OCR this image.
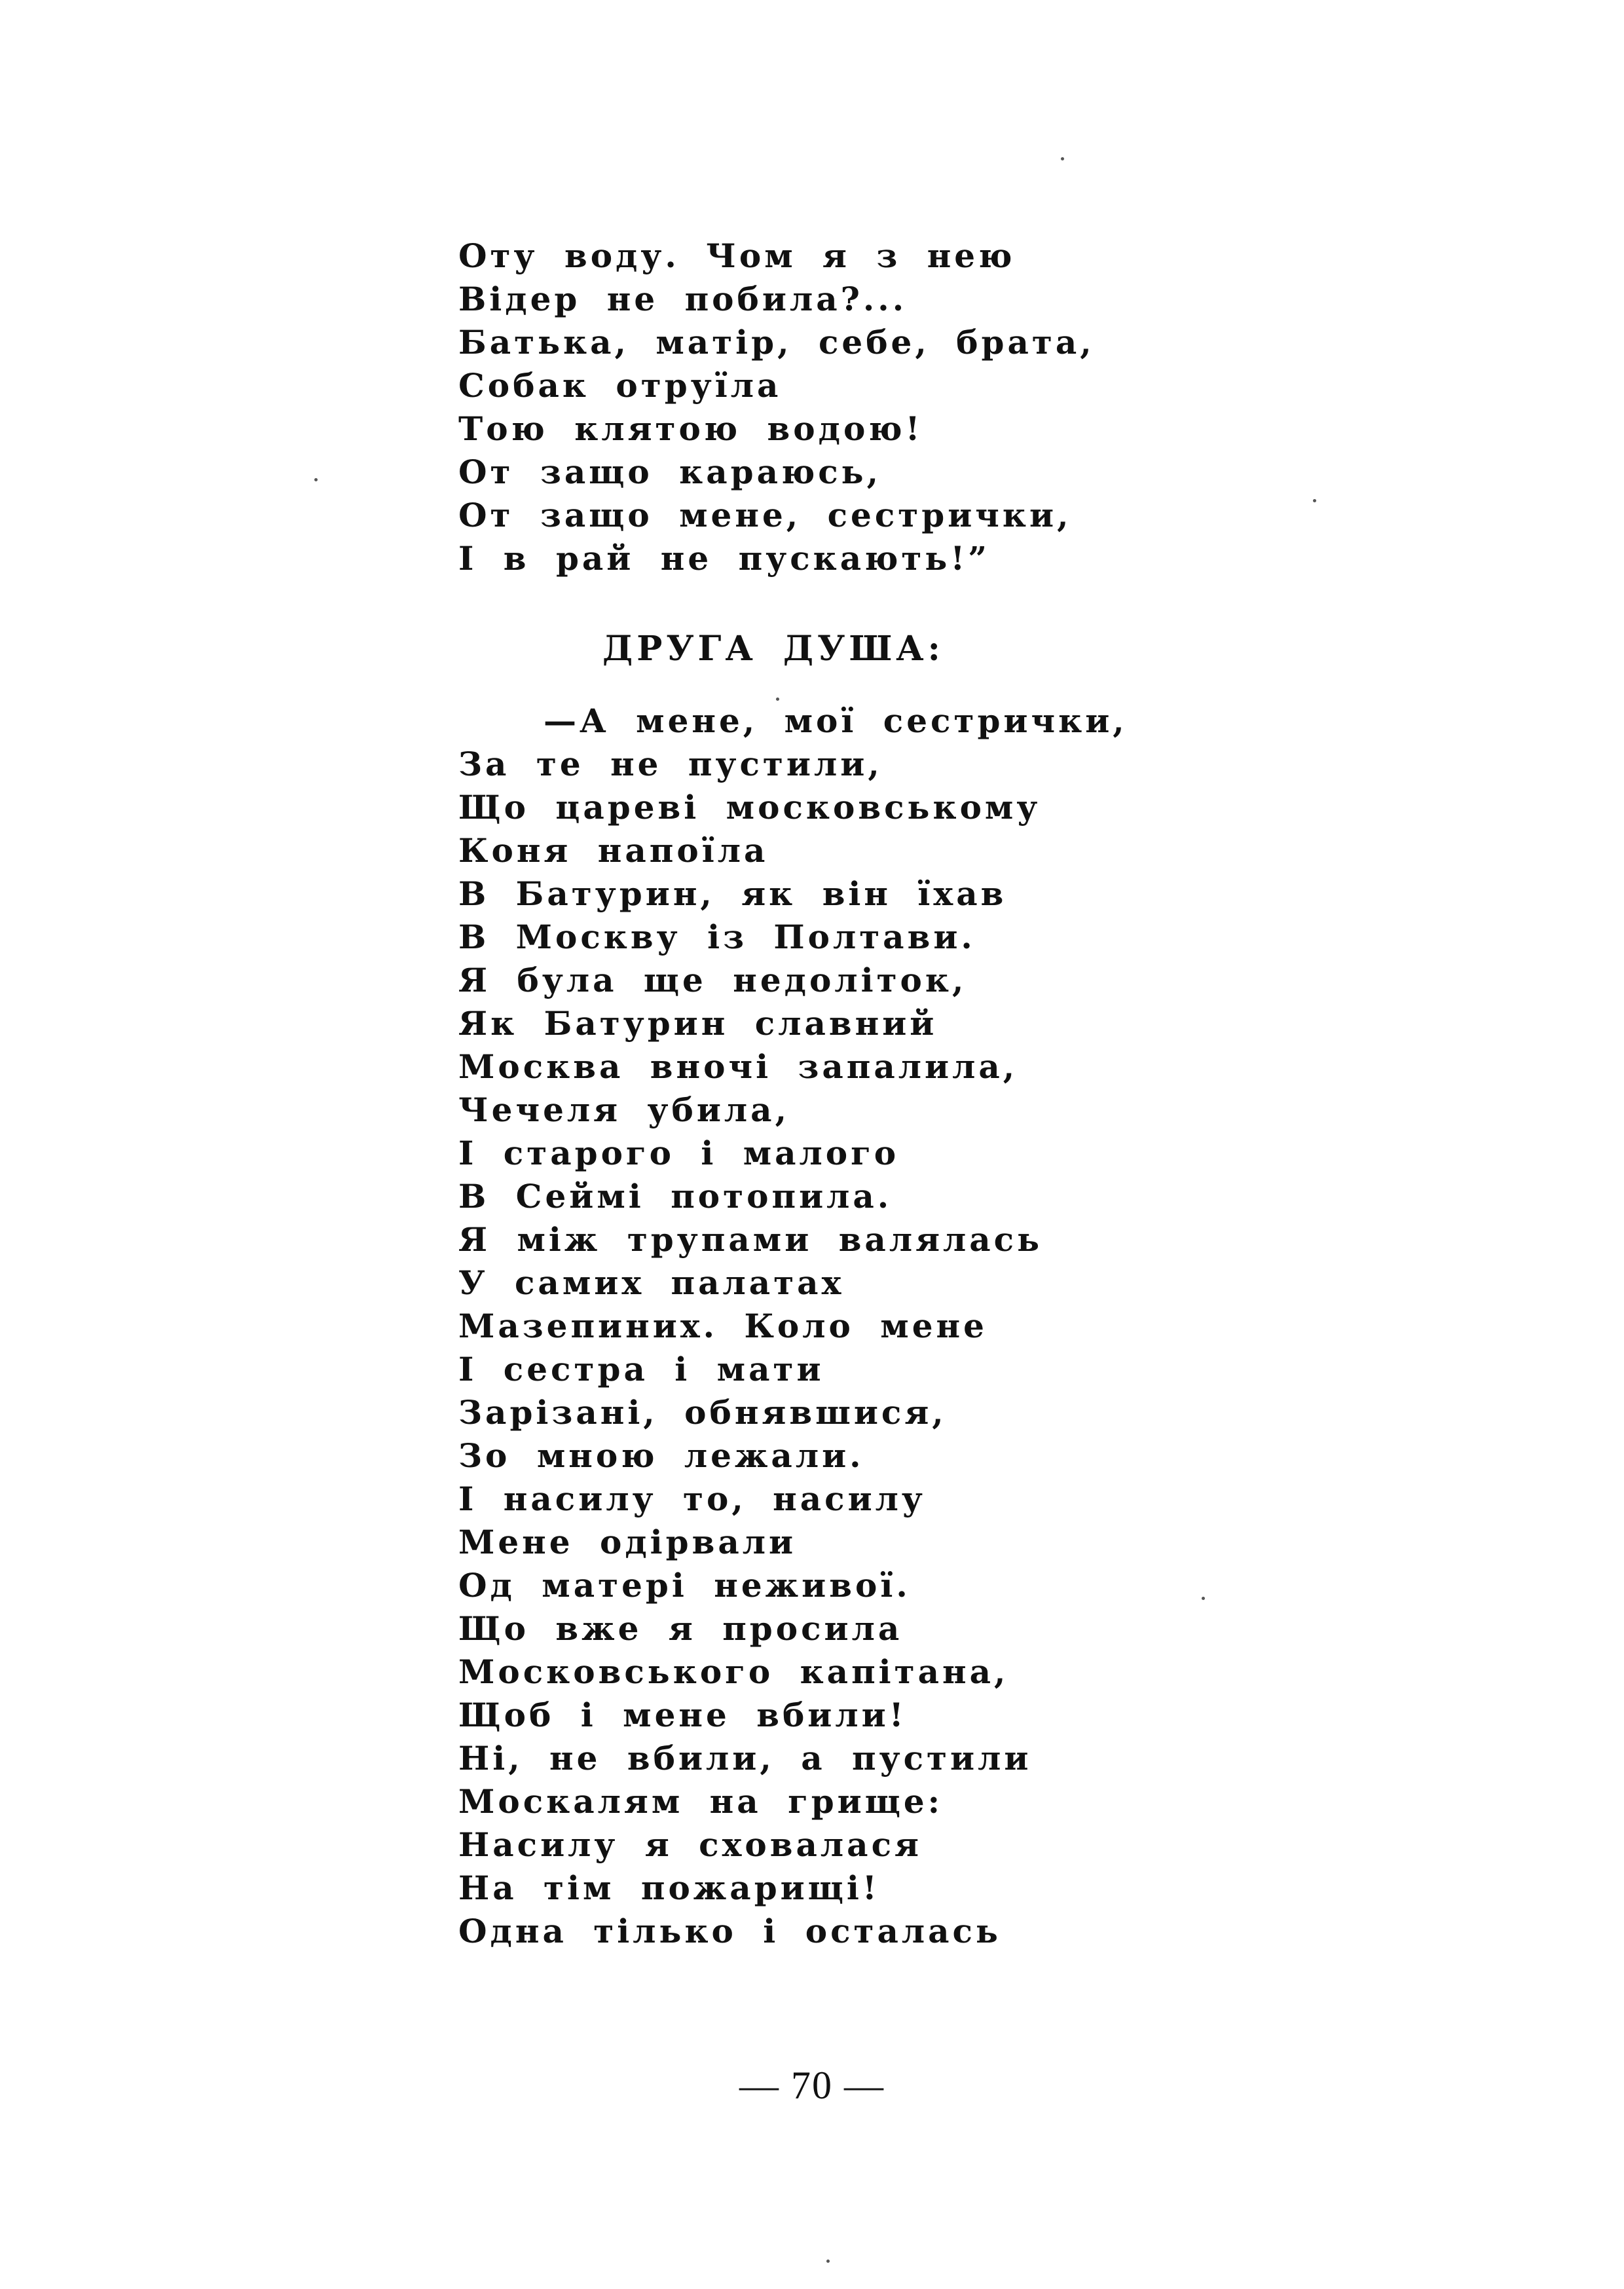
Оту воду. Чом я з нею
Відер не побила?...
Батька, матір, себе, брата,
Собак отруїла
Тою клятою водою!
От защо караюсь,
От защо мене, сестрички,
І в рай не пускають!”
ДРУГА ДУША:
—А мене, мої сестрички,
За те не пустили,
Що цареві московському
Коня напоїла
В Батурин, як він їхав
В Москву із Полтави.
Я була ще недоліток,
Як Батурин славний
Москва вночі запалила,
Чечеля убила,
І старого і малого
В Сеймі потопила.
Я між трупами валялась
У самих палатах
Мазепиних. Коло мене
І сестра і мати
Зарізані, обнявшися,
Зо мною лежали.
І насилу то, насилу
Мене одірвали
Од матері неживої.
Що вже я просила
Московського капітана,
Щоб і мене вбили!
Ні, не вбили, а пустили
Москалям на грище:
Насилу я сховалася
На тім пожарищі!
Одна тілько і осталась
— 70 —
